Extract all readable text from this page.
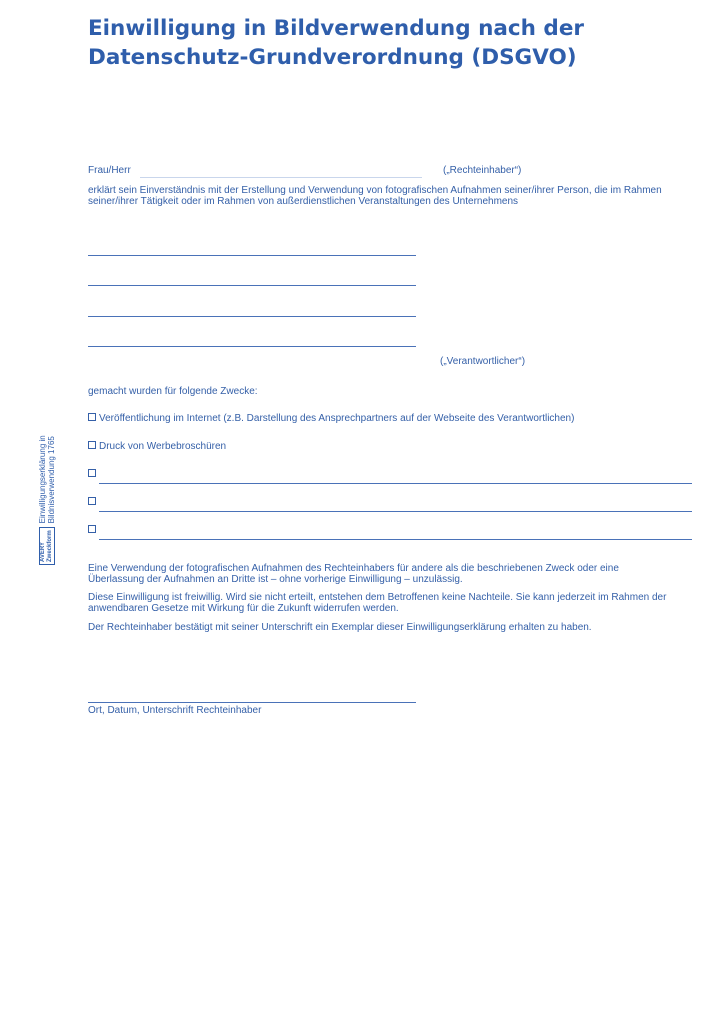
Einwilligung in Bildverwendung nach der
Datenschutz-Grundverordnung (DSGVO)
Frau/Herr	(„Rechteinhaber“)
erklärt sein Einverständnis mit der Erstellung und Verwendung von fotografischen Aufnahmen seiner/ihrer Person, die im Rahmen
seiner/ihrer Tätigkeit oder im Rahmen von außerdienstlichen Veranstaltungen des Unternehmens
(„Verantwortlicher“)
gemacht wurden für folgende Zwecke:
Veröffentlichung im Internet (z.B. Darstellung des Ansprechpartners auf der Webseite des Verantwortlichen)
Druck von Werbebroschüren
Eine Verwendung der fotografischen Aufnahmen des Rechteinhabers für andere als die beschriebenen Zweck oder eine
Überlassung der Aufnahmen an Dritte ist – ohne vorherige Einwilligung – unzulässig.
Diese Einwilligung ist freiwillig. Wird sie nicht erteilt, entstehen dem Betroffenen keine Nachteile. Sie kann jederzeit im Rahmen der
anwendbaren Gesetze mit Wirkung für die Zukunft widerrufen werden.
Der Rechteinhaber bestätigt mit seiner Unterschrift ein Exemplar dieser Einwilligungserklärung erhalten zu haben.
Ort, Datum, Unterschrift Rechteinhaber
AVERY Zweckform
Einwilligungserklärung in Bildnisverwendung 1765
